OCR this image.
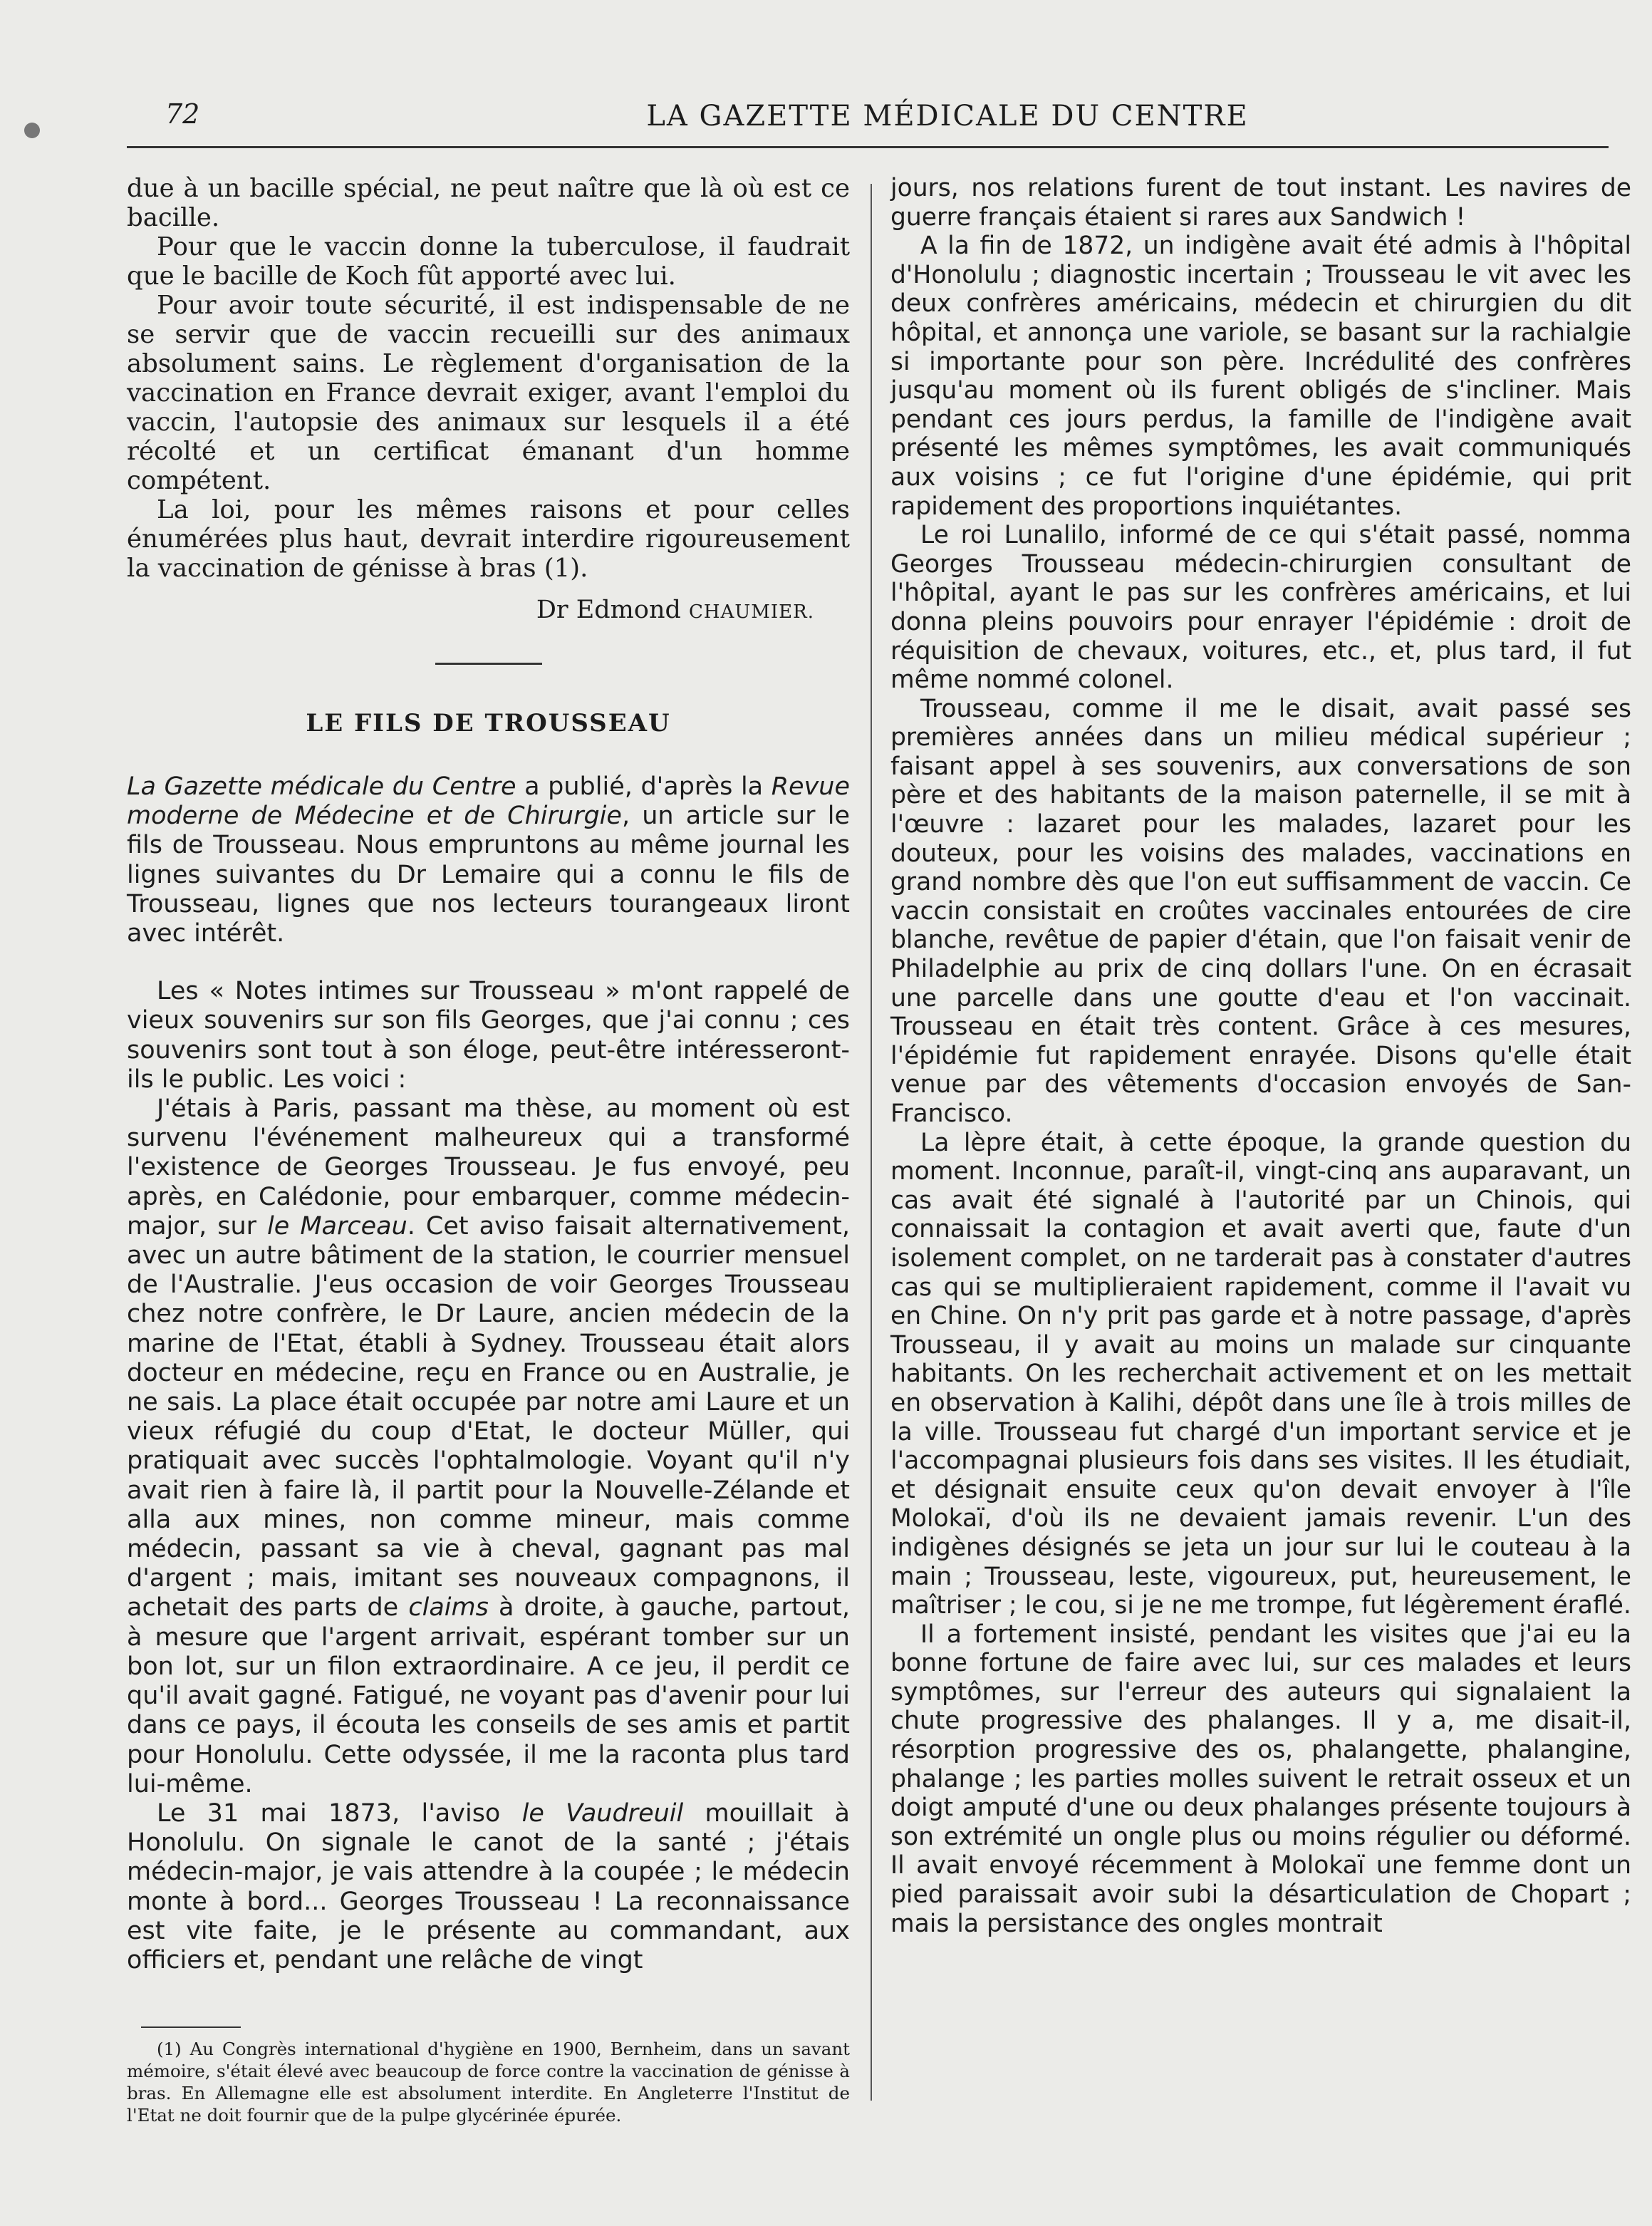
72	LA GAZETTE MÉDICALE DU CENTRE

due à un bacille spécial, ne peut naître que là où est ce bacille.

Pour que le vaccin donne la tuberculose, il faudrait que le bacille de Koch fût apporté avec lui.

Pour avoir toute sécurité, il est indispensable de ne se servir que de vaccin recueilli sur des animaux absolument sains. Le règlement d'organisation de la vaccination en France devrait exiger, avant l'emploi du vaccin, l'autopsie des animaux sur lesquels il a été récolté et un certificat émanant d'un homme compétent.

La loi, pour les mêmes raisons et pour celles énumérées plus haut, devrait interdire rigoureusement la vaccination de génisse à bras (1).

Dr Edmond CHAUMIER.

LE FILS DE TROUSSEAU

La Gazette médicale du Centre a publié, d'après la Revue moderne de Médecine et de Chirurgie, un article sur le fils de Trousseau. Nous empruntons au même journal les lignes suivantes du Dr Lemaire qui a connu le fils de Trousseau, lignes que nos lecteurs tourangeaux liront avec intérêt.

Les « Notes intimes sur Trousseau » m'ont rappelé de vieux souvenirs sur son fils Georges, que j'ai connu ; ces souvenirs sont tout à son éloge, peut-être intéresseront-ils le public. Les voici :

J'étais à Paris, passant ma thèse, au moment où est survenu l'événement malheureux qui a transformé l'existence de Georges Trousseau. Je fus envoyé, peu après, en Calédonie, pour embarquer, comme médecin-major, sur le Marceau. Cet aviso faisait alternativement, avec un autre bâtiment de la station, le courrier mensuel de l'Australie. J'eus occasion de voir Georges Trousseau chez notre confrère, le Dr Laure, ancien médecin de la marine de l'Etat, établi à Sydney. Trousseau était alors docteur en médecine, reçu en France ou en Australie, je ne sais. La place était occupée par notre ami Laure et un vieux réfugié du coup d'Etat, le docteur Müller, qui pratiquait avec succès l'ophtalmologie. Voyant qu'il n'y avait rien à faire là, il partit pour la Nouvelle-Zélande et alla aux mines, non comme mineur, mais comme médecin, passant sa vie à cheval, gagnant pas mal d'argent ; mais, imitant ses nouveaux compagnons, il achetait des parts de claims à droite, à gauche, partout, à mesure que l'argent arrivait, espérant tomber sur un bon lot, sur un filon extraordinaire. A ce jeu, il perdit ce qu'il avait gagné. Fatigué, ne voyant pas d'avenir pour lui dans ce pays, il écouta les conseils de ses amis et partit pour Honolulu. Cette odyssée, il me la raconta plus tard lui-même.

Le 31 mai 1873, l'aviso le Vaudreuil mouillait à Honolulu. On signale le canot de la santé ; j'étais médecin-major, je vais attendre à la coupée ; le médecin monte à bord... Georges Trousseau ! La reconnaissance est vite faite, je le présente au commandant, aux officiers et, pendant une relâche de vingt

(1) Au Congrès international d'hygiène en 1900, Bernheim, dans un savant mémoire, s'était élevé avec beaucoup de force contre la vaccination de génisse à bras. En Allemagne elle est absolument interdite. En Angleterre l'Institut de l'Etat ne doit fournir que de la pulpe glycérinée épurée.

jours, nos relations furent de tout instant. Les navires de guerre français étaient si rares aux Sandwich !

A la fin de 1872, un indigène avait été admis à l'hôpital d'Honolulu ; diagnostic incertain ; Trousseau le vit avec les deux confrères américains, médecin et chirurgien du dit hôpital, et annonça une variole, se basant sur la rachialgie si importante pour son père. Incrédulité des confrères jusqu'au moment où ils furent obligés de s'incliner. Mais pendant ces jours perdus, la famille de l'indigène avait présenté les mêmes symptômes, les avait communiqués aux voisins ; ce fut l'origine d'une épidémie, qui prit rapidement des proportions inquiétantes.

Le roi Lunalilo, informé de ce qui s'était passé, nomma Georges Trousseau médecin-chirurgien consultant de l'hôpital, ayant le pas sur les confrères américains, et lui donna pleins pouvoirs pour enrayer l'épidémie : droit de réquisition de chevaux, voitures, etc., et, plus tard, il fut même nommé colonel.

Trousseau, comme il me le disait, avait passé ses premières années dans un milieu médical supérieur ; faisant appel à ses souvenirs, aux conversations de son père et des habitants de la maison paternelle, il se mit à l'œuvre : lazaret pour les malades, lazaret pour les douteux, pour les voisins des malades, vaccinations en grand nombre dès que l'on eut suffisamment de vaccin. Ce vaccin consistait en croûtes vaccinales entourées de cire blanche, revêtue de papier d'étain, que l'on faisait venir de Philadelphie au prix de cinq dollars l'une. On en écrasait une parcelle dans une goutte d'eau et l'on vaccinait. Trousseau en était très content. Grâce à ces mesures, l'épidémie fut rapidement enrayée. Disons qu'elle était venue par des vêtements d'occasion envoyés de San-Francisco.

La lèpre était, à cette époque, la grande question du moment. Inconnue, paraît-il, vingt-cinq ans auparavant, un cas avait été signalé à l'autorité par un Chinois, qui connaissait la contagion et avait averti que, faute d'un isolement complet, on ne tarderait pas à constater d'autres cas qui se multiplieraient rapidement, comme il l'avait vu en Chine. On n'y prit pas garde et à notre passage, d'après Trousseau, il y avait au moins un malade sur cinquante habitants. On les recherchait activement et on les mettait en observation à Kalihi, dépôt dans une île à trois milles de la ville. Trousseau fut chargé d'un important service et je l'accompagnai plusieurs fois dans ses visites. Il les étudiait, et désignait ensuite ceux qu'on devait envoyer à l'île Molokaï, d'où ils ne devaient jamais revenir. L'un des indigènes désignés se jeta un jour sur lui le couteau à la main ; Trousseau, leste, vigoureux, put, heureusement, le maîtriser ; le cou, si je ne me trompe, fut légèrement éraflé.

Il a fortement insisté, pendant les visites que j'ai eu la bonne fortune de faire avec lui, sur ces malades et leurs symptômes, sur l'erreur des auteurs qui signalaient la chute progressive des phalanges. Il y a, me disait-il, résorption progressive des os, phalangette, phalangine, phalange ; les parties molles suivent le retrait osseux et un doigt amputé d'une ou deux phalanges présente toujours à son extrémité un ongle plus ou moins régulier ou déformé. Il avait envoyé récemment à Molokaï une femme dont un pied paraissait avoir subi la désarticulation de Chopart ; mais la persistance des ongles montrait
